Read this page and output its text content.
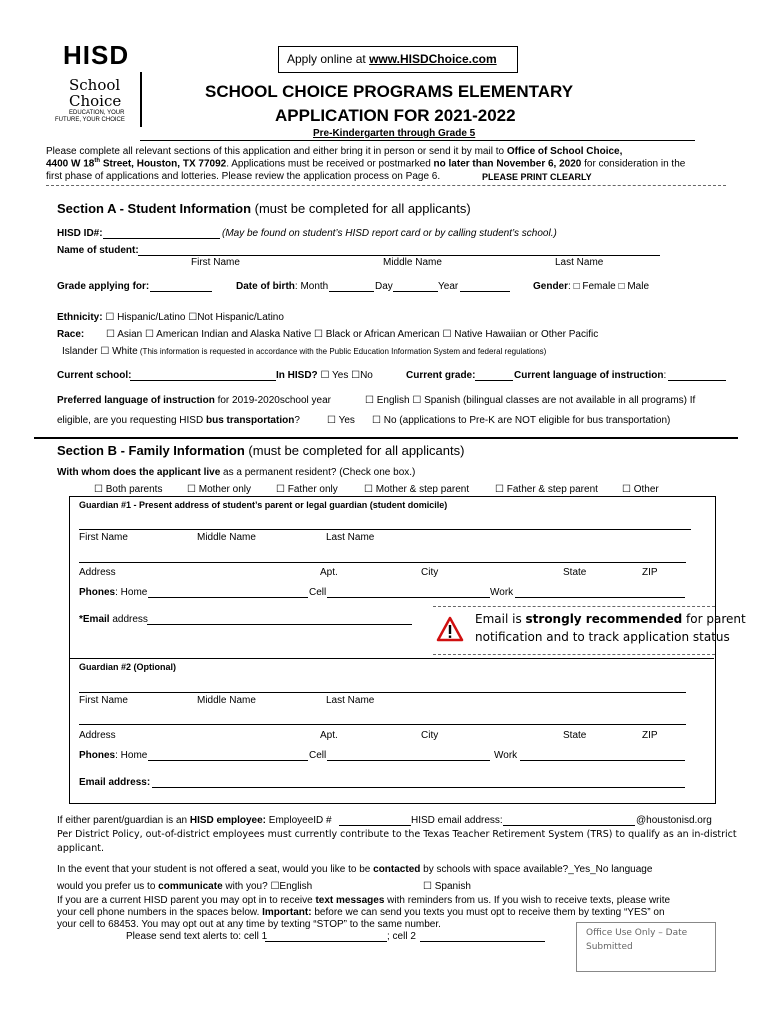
HISD
School
Choice
EDUCATION, YOUR
FUTURE, YOUR CHOICE
Apply online at www.HISDChoice.com
SCHOOL CHOICE PROGRAMS ELEMENTARY
APPLICATION FOR 2021-2022
Pre-Kindergarten through Grade 5
Please complete all relevant sections of this application and either bring it in person or send it by mail to Office of School Choice,
4400 W 18th Street, Houston, TX 77092. Applications must be received or postmarked no later than November 6, 2020 for consideration in the
first phase of applications and lotteries. Please review the application process on Page 6.	PLEASE PRINT CLEARLY
Section A - Student Information (must be completed for all applicants)
HISD ID#:	(May be found on student’s HISD report card or by calling student’s school.)
Name of student:
First Name	Middle Name	Last Name
Grade applying for:	Date of birth: Month	Day	Year	Gender: □ Female □ Male
Ethnicity: ☐ Hispanic/Latino ☐Not Hispanic/Latino
Race: ☐ Asian ☐ American Indian and Alaska Native ☐ Black or African American ☐ Native Hawaiian or Other Pacific
Islander ☐ White (This information is requested in accordance with the Public Education Information System and federal regulations)
Current school:	In HISD? ☐ Yes ☐No	Current grade:	Current language of instruction:
Preferred language of instruction for 2019-2020school year	☐ English ☐ Spanish (bilingual classes are not available in all programs) If
eligible, are you requesting HISD bus transportation?	☐ Yes ☐ No (applications to Pre-K are NOT eligible for bus transportation)
Section B - Family Information (must be completed for all applicants)
With whom does the applicant live as a permanent resident? (Check one box.)
☐ Both parents ☐ Mother only	☐ Father only	☐ Mother & step parent	☐ Father & step parent ☐ Other
Guardian #1 - Present address of student’s parent or legal guardian (student domicile)
First Name	Middle Name	Last Name
Address	Apt.	City	State	ZIP
Phones: Home	Cell	Work
*Email address	Email is strongly recommended for parent
notification and to track application status
Guardian #2 (Optional)
First Name	Middle Name	Last Name
Address	Apt.	City	State	ZIP
Phones: Home	Cell	Work
Email address:
If either parent/guardian is an HISD employee: EmployeeID #	HISD email address:	@houstonisd.org
Per District Policy, out-of-district employees must currently contribute to the Texas Teacher Retirement System (TRS) to qualify as an in-district
applicant.
In the event that your student is not offered a seat, would you like to be contacted by schools with space available?_Yes_No language
would you prefer us to communicate with you? ☐English	☐ Spanish
If you are a current HISD parent you may opt in to receive text messages with reminders from us. If you wish to receive texts, please write
your cell phone numbers in the spaces below. Important: before we can send you texts you must opt to receive them by texting “YES” on
your cell to 68453. You may opt out at any time by texting “STOP” to the same number.
Please send text alerts to: cell 1	; cell 2	Office Use Only – Date
Submitted
